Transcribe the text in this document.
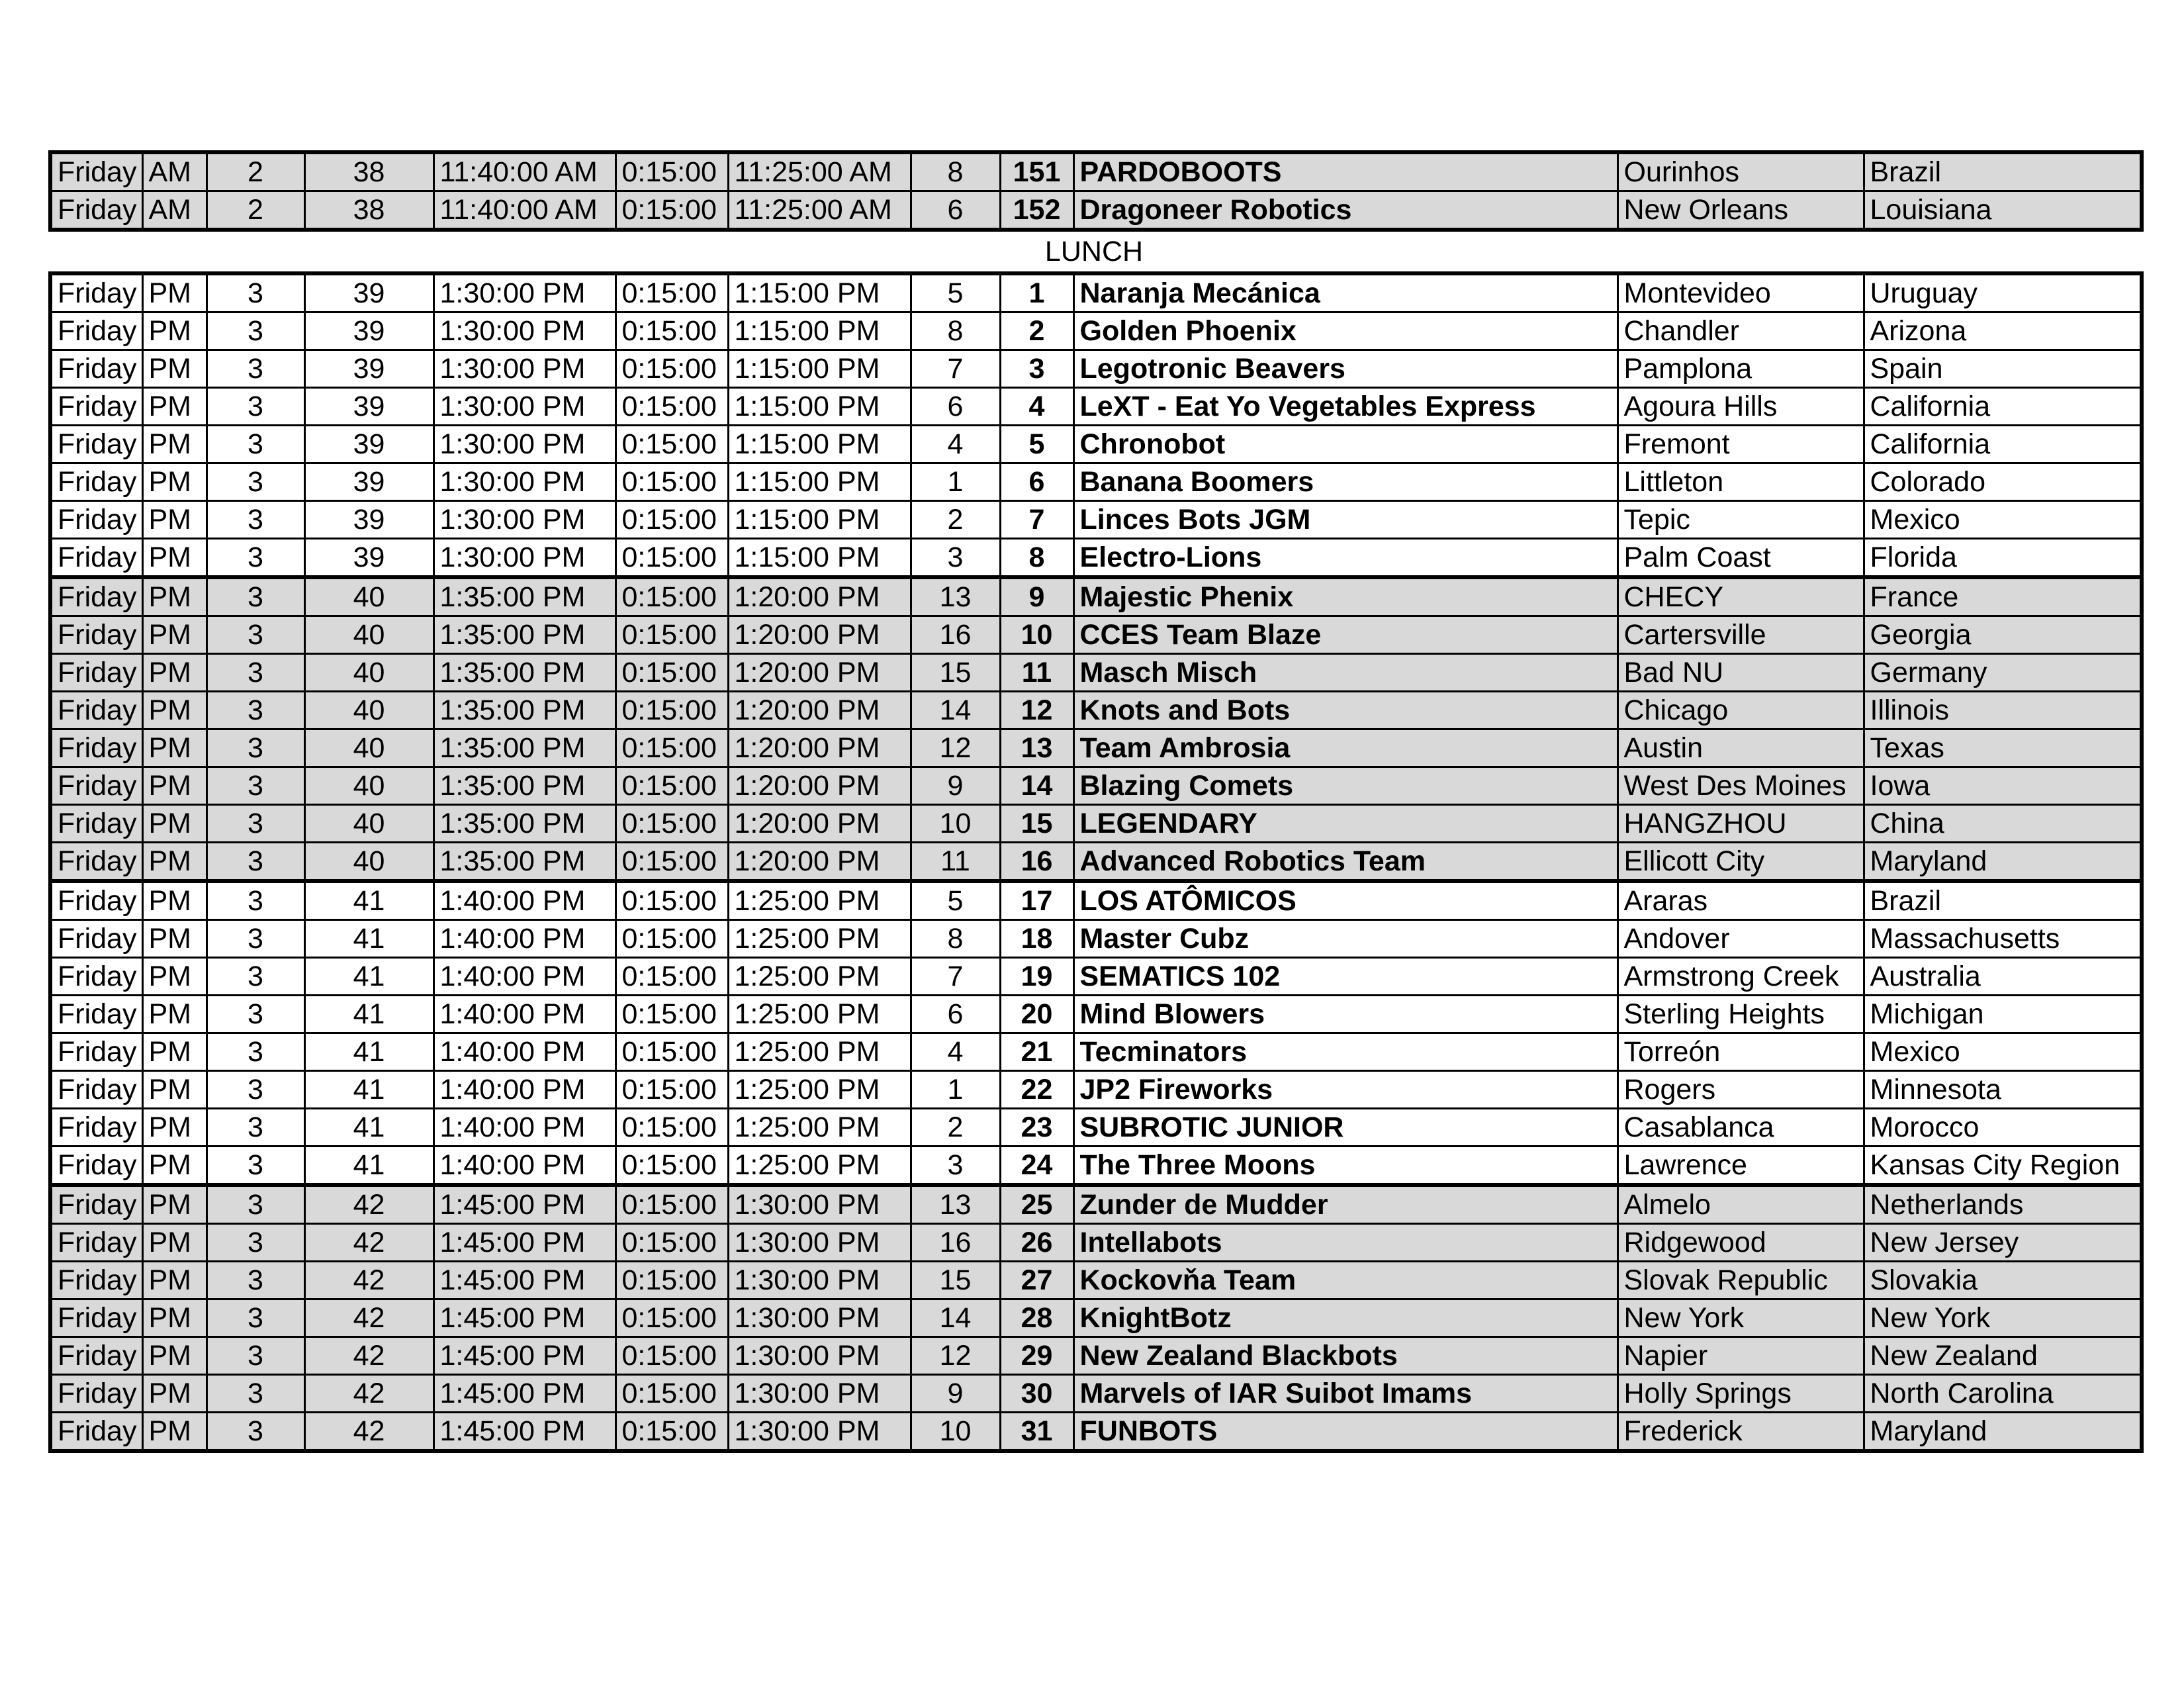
Friday	AM	2	38	11:40:00 AM	0:15:00	11:25:00 AM	8	151	PARDOBOOTS	Ourinhos	Brazil
Friday	AM	2	38	11:40:00 AM	0:15:00	11:25:00 AM	6	152	Dragoneer Robotics	New Orleans	Louisiana
LUNCH
Friday	PM	3	39	1:30:00 PM	0:15:00	1:15:00 PM	5	1	Naranja Mecánica	Montevideo	Uruguay
Friday	PM	3	39	1:30:00 PM	0:15:00	1:15:00 PM	8	2	Golden Phoenix	Chandler	Arizona
Friday	PM	3	39	1:30:00 PM	0:15:00	1:15:00 PM	7	3	Legotronic Beavers	Pamplona	Spain
Friday	PM	3	39	1:30:00 PM	0:15:00	1:15:00 PM	6	4	LeXT - Eat Yo Vegetables Express	Agoura Hills	California
Friday	PM	3	39	1:30:00 PM	0:15:00	1:15:00 PM	4	5	Chronobot	Fremont	California
Friday	PM	3	39	1:30:00 PM	0:15:00	1:15:00 PM	1	6	Banana Boomers	Littleton	Colorado
Friday	PM	3	39	1:30:00 PM	0:15:00	1:15:00 PM	2	7	Linces Bots JGM	Tepic	Mexico
Friday	PM	3	39	1:30:00 PM	0:15:00	1:15:00 PM	3	8	Electro-Lions	Palm Coast	Florida
Friday	PM	3	40	1:35:00 PM	0:15:00	1:20:00 PM	13	9	Majestic Phenix	CHECY	France
Friday	PM	3	40	1:35:00 PM	0:15:00	1:20:00 PM	16	10	CCES Team Blaze	Cartersville	Georgia
Friday	PM	3	40	1:35:00 PM	0:15:00	1:20:00 PM	15	11	Masch Misch	Bad NU	Germany
Friday	PM	3	40	1:35:00 PM	0:15:00	1:20:00 PM	14	12	Knots and Bots	Chicago	Illinois
Friday	PM	3	40	1:35:00 PM	0:15:00	1:20:00 PM	12	13	Team Ambrosia	Austin	Texas
Friday	PM	3	40	1:35:00 PM	0:15:00	1:20:00 PM	9	14	Blazing Comets	West Des Moines	Iowa
Friday	PM	3	40	1:35:00 PM	0:15:00	1:20:00 PM	10	15	LEGENDARY	HANGZHOU	China
Friday	PM	3	40	1:35:00 PM	0:15:00	1:20:00 PM	11	16	Advanced Robotics Team	Ellicott City	Maryland
Friday	PM	3	41	1:40:00 PM	0:15:00	1:25:00 PM	5	17	LOS ATÔMICOS	Araras	Brazil
Friday	PM	3	41	1:40:00 PM	0:15:00	1:25:00 PM	8	18	Master Cubz	Andover	Massachusetts
Friday	PM	3	41	1:40:00 PM	0:15:00	1:25:00 PM	7	19	SEMATICS 102	Armstrong Creek	Australia
Friday	PM	3	41	1:40:00 PM	0:15:00	1:25:00 PM	6	20	Mind Blowers	Sterling Heights	Michigan
Friday	PM	3	41	1:40:00 PM	0:15:00	1:25:00 PM	4	21	Tecminators	Torreón	Mexico
Friday	PM	3	41	1:40:00 PM	0:15:00	1:25:00 PM	1	22	JP2 Fireworks	Rogers	Minnesota
Friday	PM	3	41	1:40:00 PM	0:15:00	1:25:00 PM	2	23	SUBROTIC JUNIOR	Casablanca	Morocco
Friday	PM	3	41	1:40:00 PM	0:15:00	1:25:00 PM	3	24	The Three Moons	Lawrence	Kansas City Region
Friday	PM	3	42	1:45:00 PM	0:15:00	1:30:00 PM	13	25	Zunder de Mudder	Almelo	Netherlands
Friday	PM	3	42	1:45:00 PM	0:15:00	1:30:00 PM	16	26	Intellabots	Ridgewood	New Jersey
Friday	PM	3	42	1:45:00 PM	0:15:00	1:30:00 PM	15	27	Kockovňa Team	Slovak Republic	Slovakia
Friday	PM	3	42	1:45:00 PM	0:15:00	1:30:00 PM	14	28	KnightBotz	New York	New York
Friday	PM	3	42	1:45:00 PM	0:15:00	1:30:00 PM	12	29	New Zealand Blackbots	Napier	New Zealand
Friday	PM	3	42	1:45:00 PM	0:15:00	1:30:00 PM	9	30	Marvels of IAR Suibot Imams	Holly Springs	North Carolina
Friday	PM	3	42	1:45:00 PM	0:15:00	1:30:00 PM	10	31	FUNBOTS	Frederick	Maryland
